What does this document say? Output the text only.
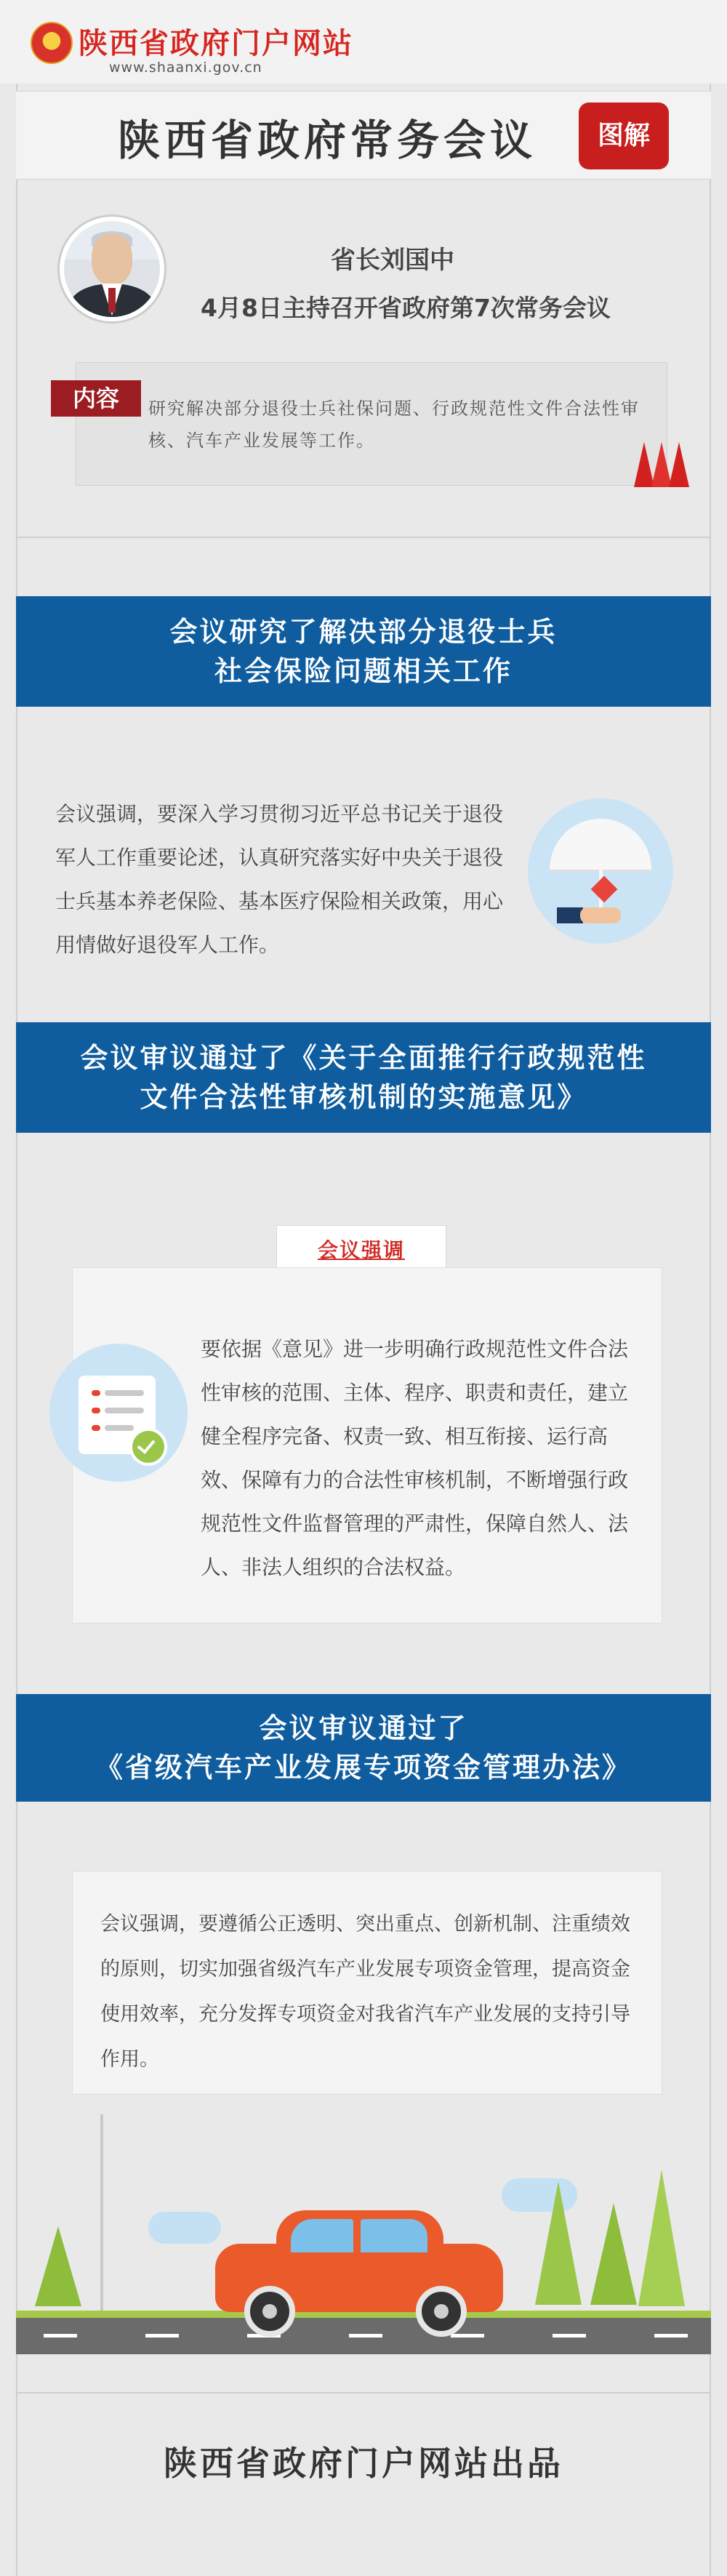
陕西省政府门户网站
www.shaanxi.gov.cn
陕西省政府常务会议	图解
省长刘国中
4月8日主持召开省政府第7次常务会议
内容	研究解决部分退役士兵社保问题、行政规范性文件合法性审核、汽车产业发展等工作。
会议研究了解决部分退役士兵
社会保险问题相关工作
会议强调，要深入学习贯彻习近平总书记关于退役军人工作重要论述，认真研究落实好中央关于退役士兵基本养老保险、基本医疗保险相关政策，用心用情做好退役军人工作。
会议审议通过了《关于全面推行行政规范性
文件合法性审核机制的实施意见》
会议强调
要依据《意见》进一步明确行政规范性文件合法性审核的范围、主体、程序、职责和责任，建立健全程序完备、权责一致、相互衔接、运行高效、保障有力的合法性审核机制，不断增强行政规范性文件监督管理的严肃性，保障自然人、法人、非法人组织的合法权益。
会议审议通过了
《省级汽车产业发展专项资金管理办法》
会议强调，要遵循公正透明、突出重点、创新机制、注重绩效的原则，切实加强省级汽车产业发展专项资金管理，提高资金使用效率，充分发挥专项资金对我省汽车产业发展的支持引导作用。
陕西省政府门户网站出品
